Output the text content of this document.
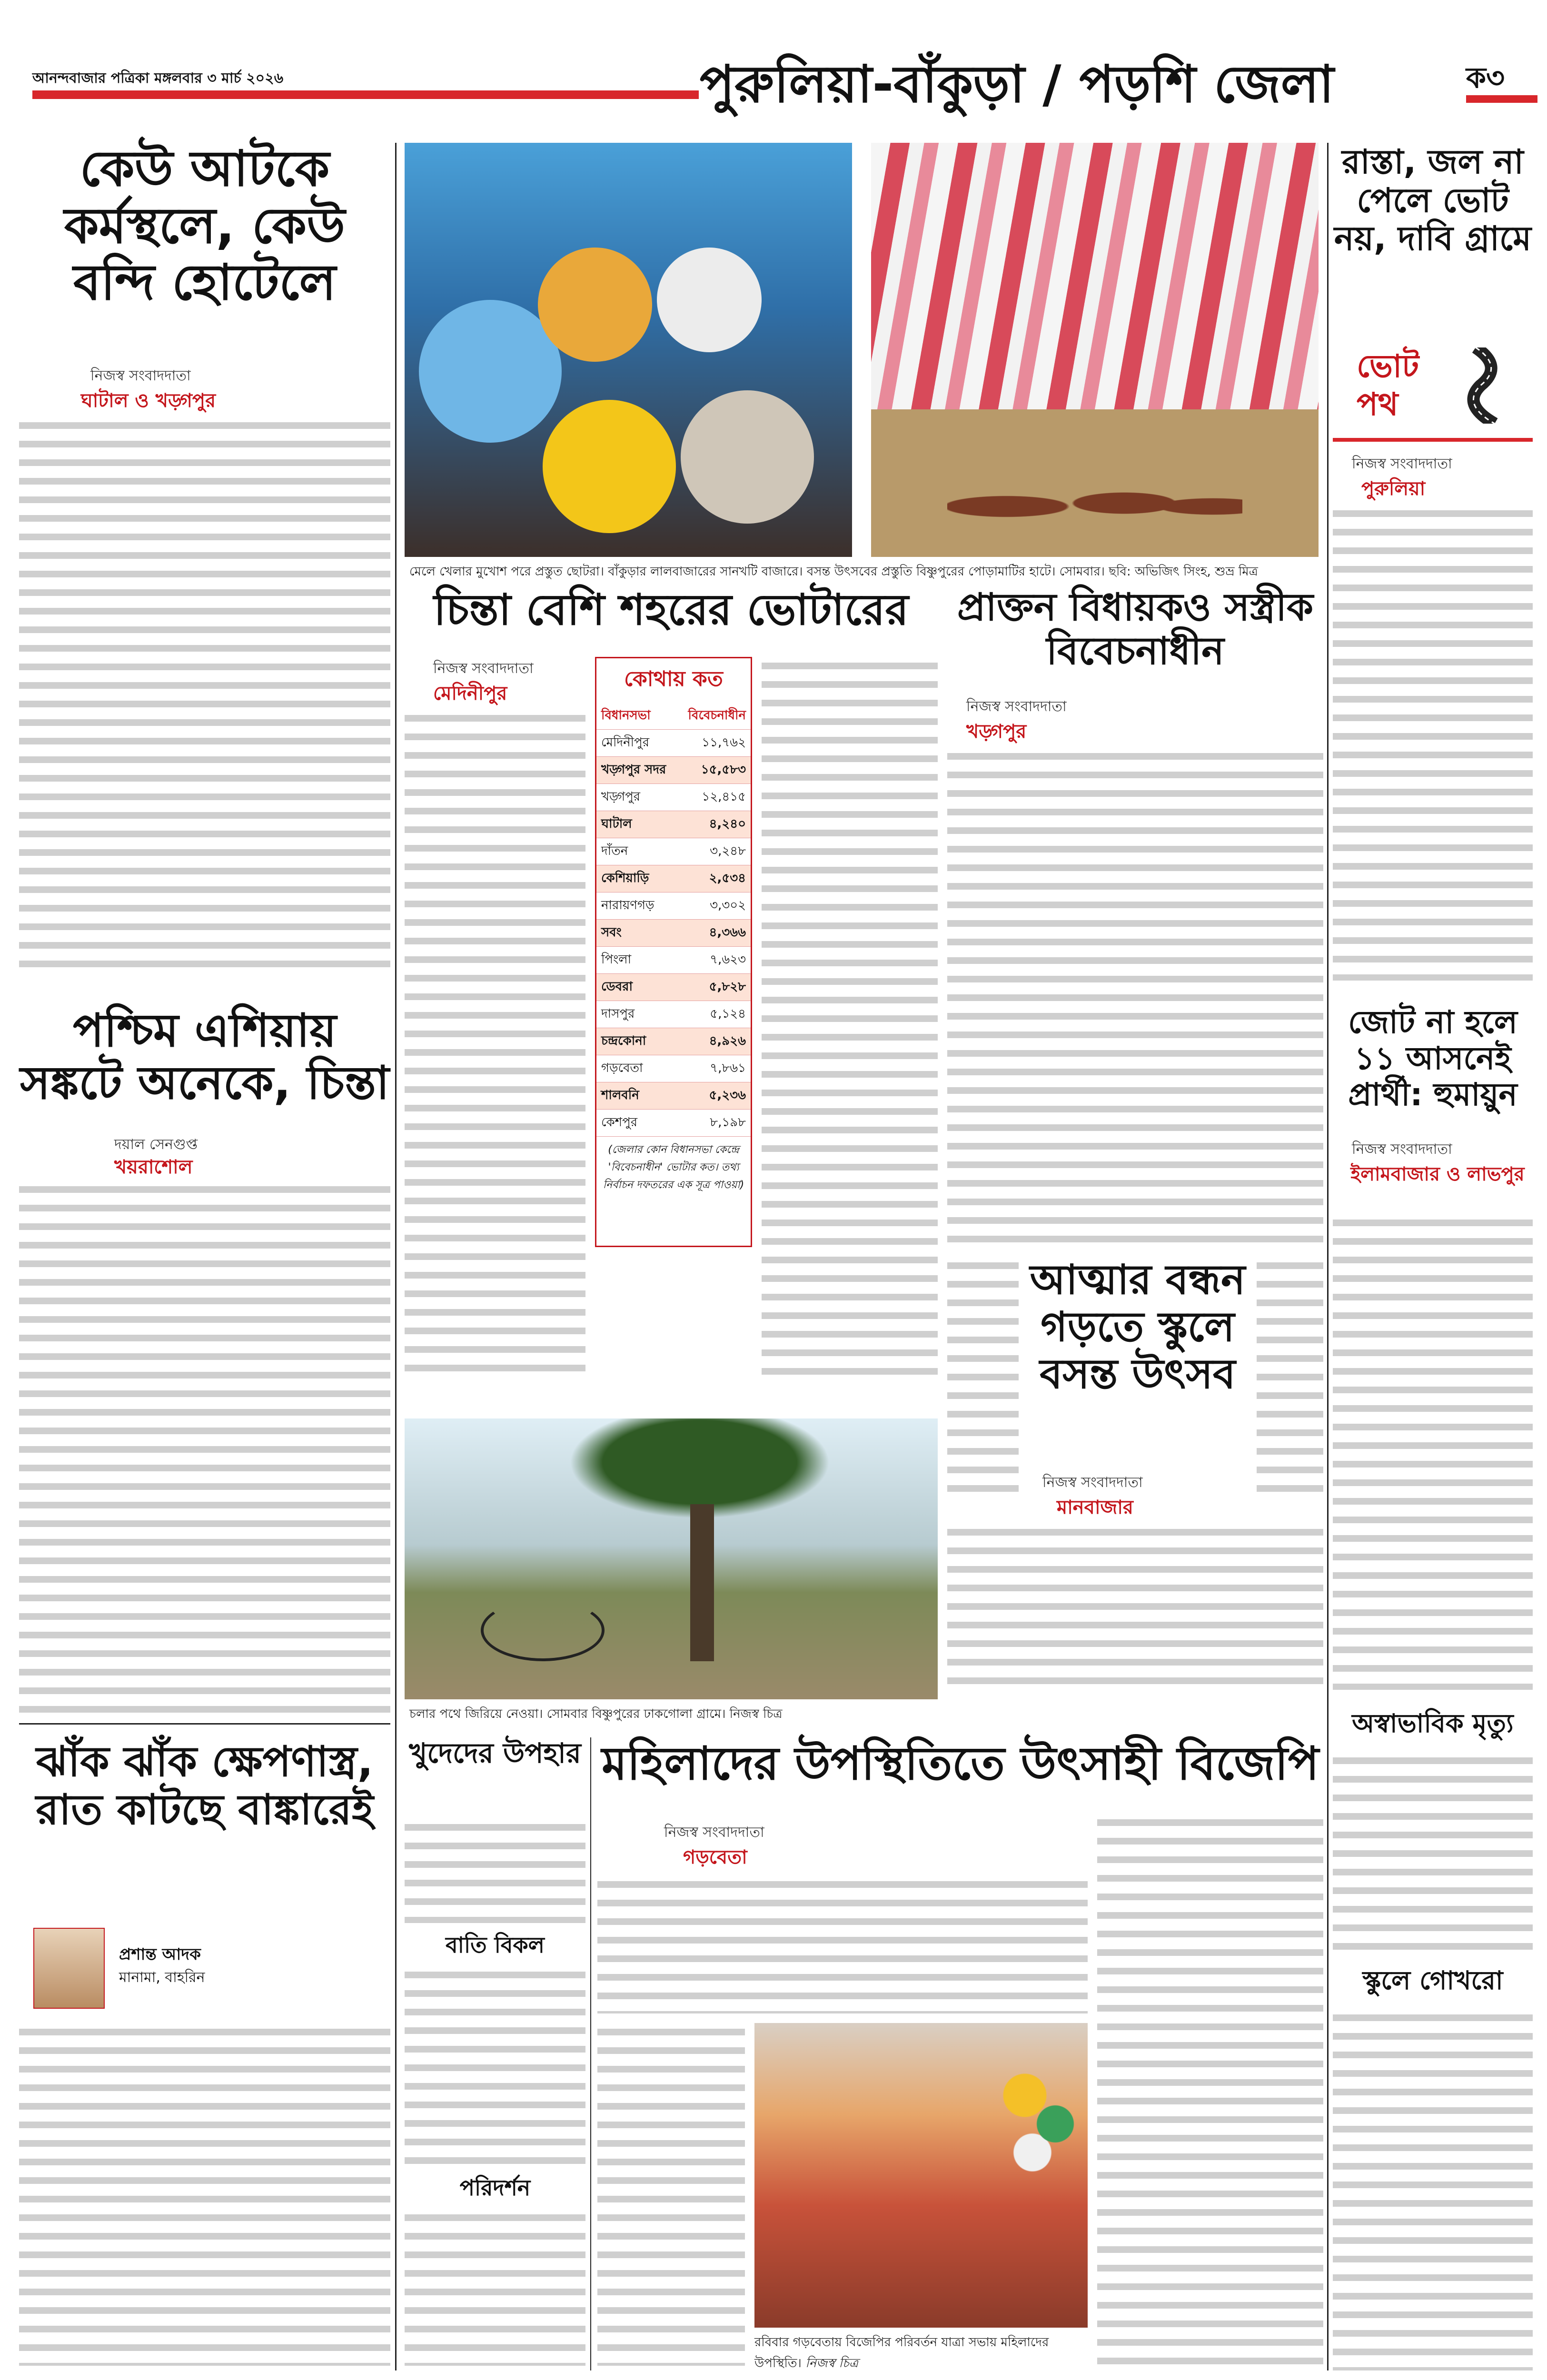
আনন্দবাজার পত্রিকা মঙ্গলবার ৩ মার্চ ২০২৬	পুরুলিয়া-বাঁকুড়া / পড়শি জেলা	ক৩
কেউ আটকে কর্মস্থলে, কেউ বন্দি হোটেলে
নিজস্ব সংবাদদাতা
ঘাটাল ও খড়্গপুর
পশ্চিম এশিয়ায় সঙ্কটে অনেকে, চিন্তা
দয়াল সেনগুপ্ত
খয়রাশোল
ঝাঁক ঝাঁক ক্ষেপণাস্ত্র, রাত কাটছে বাঙ্কারেই
প্রশান্ত আদক
মানামা, বাহরিন
মেলে খেলার মুখোশ পরে প্রস্তুত ছোটরা। বাঁকুড়ার লালবাজারের সানখটি বাজারে। বসন্ত উৎসবের প্রস্তুতি বিষ্ণুপুরের পোড়ামাটির হাটে। সোমবার। ছবি: অভিজিৎ সিংহ, শুভ্র মিত্র
চিন্তা বেশি শহরের ভোটারের
নিজস্ব সংবাদদাতা
মেদিনীপুর
কোথায় কত
বিধানসভা	বিবেচনাধীন
মেদিনীপুর	১১,৭৬২
খড়্গপুর সদর	১৫,৫৮৩
খড়্গপুর	১২,৪১৫
ঘাটাল	৪,২৪০
দাঁতন	৩,২৪৮
কেশিয়াড়ি	২,৫৩৪
নারায়ণগড়	৩,৩০২
সবং	৪,৩৬৬
পিংলা	৭,৬২৩
ডেবরা	৫,৮২৮
দাসপুর	৫,১২৪
চন্দ্রকোনা	৪,৯২৬
গড়বেতা	৭,৮৬১
শালবনি	৫,২৩৬
কেশপুর	৮,১৯৮
(জেলার কোন বিধানসভা কেন্দ্রে 'বিবেচনাধীন' ভোটার কত। তথ্য নির্বাচন দফতরের এক সূত্র পাওয়া)
প্রাক্তন বিধায়কও সস্ত্রীক বিবেচনাধীন
নিজস্ব সংবাদদাতা
খড়্গপুর
আত্মার বন্ধন গড়তে স্কুলে বসন্ত উৎসব
নিজস্ব সংবাদদাতা
মানবাজার
চলার পথে জিরিয়ে নেওয়া। সোমবার বিষ্ণুপুরের ঢাকগোলা গ্রামে। নিজস্ব চিত্র
খুদেদের উপহার
বাতি বিকল
পরিদর্শন
মহিলাদের উপস্থিতিতে উৎসাহী বিজেপি
নিজস্ব সংবাদদাতা
গড়বেতা
রবিবার গড়বেতায় বিজেপির পরিবর্তন যাত্রা সভায় মহিলাদের উপস্থিতি। নিজস্ব চিত্র
রাস্তা, জল না পেলে ভোট নয়, দাবি গ্রামে
ভোট পথ
নিজস্ব সংবাদদাতা
পুরুলিয়া
জোট না হলে ১১ আসনেই প্রার্থী: হুমায়ুন
নিজস্ব সংবাদদাতা
ইলামবাজার ও লাভপুর
অস্বাভাবিক মৃত্যু
স্কুলে গোখরো
